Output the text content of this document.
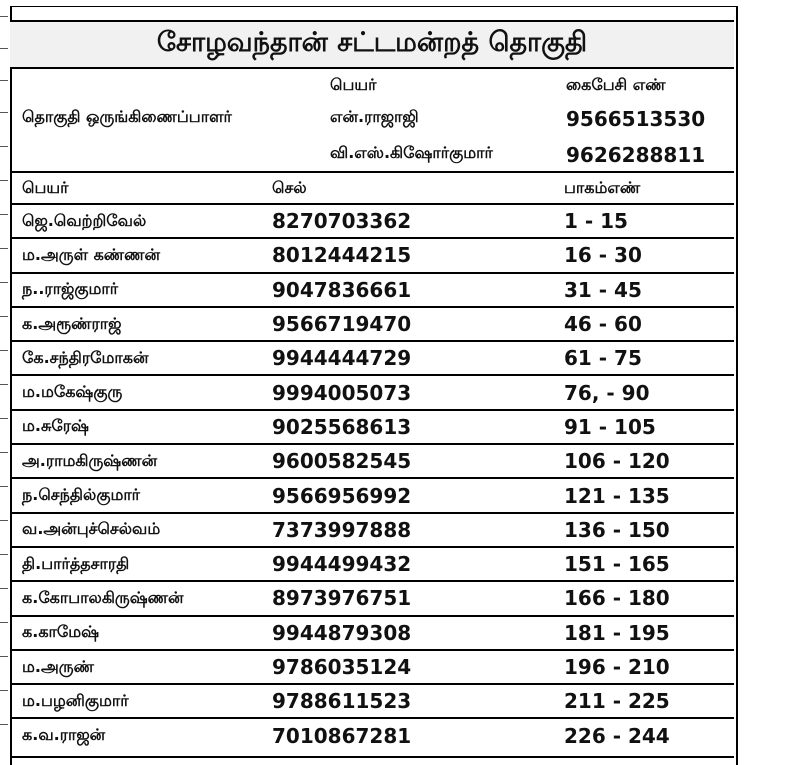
சோழவந்தான் சட்டமன்றத் தொகுதி
பெயர்	கைபேசி எண்
தொகுதி ஒருங்கிணைப்பாளர்	என்.ராஜாஜி	9566513530
வி.எஸ்.கிஷோர்குமார்	9626288811
பெயர்	செல்	பாகம்எண்
ஜெ.வெற்றிவேல்	8270703362	1 - 15
ம.அருள் கண்ணன்	8012444215	16 - 30
ந..ராஜ்குமார்	9047836661	31 - 45
க.அரூண்ராஜ்	9566719470	46 - 60
கே.சந்திரமோகன்	9944444729	61 - 75
ம.மகேஷ்குரு	9994005073	76, - 90
ம.சுரேஷ்	9025568613	91 - 105
அ.ராமகிருஷ்ணன்	9600582545	106 - 120
ந.செந்தில்குமார்	9566956992	121 - 135
வ.அன்புச்செல்வம்	7373997888	136 - 150
தி.பார்த்தசாரதி	9944499432	151 - 165
க.கோபாலகிருஷ்ணன்	8973976751	166 - 180
க.காமேஷ்	9944879308	181 - 195
ம.அருண்	9786035124	196 - 210
ம.பழனிகுமார்	9788611523	211 - 225
க.வ.ராஜன்	7010867281	226 - 244
